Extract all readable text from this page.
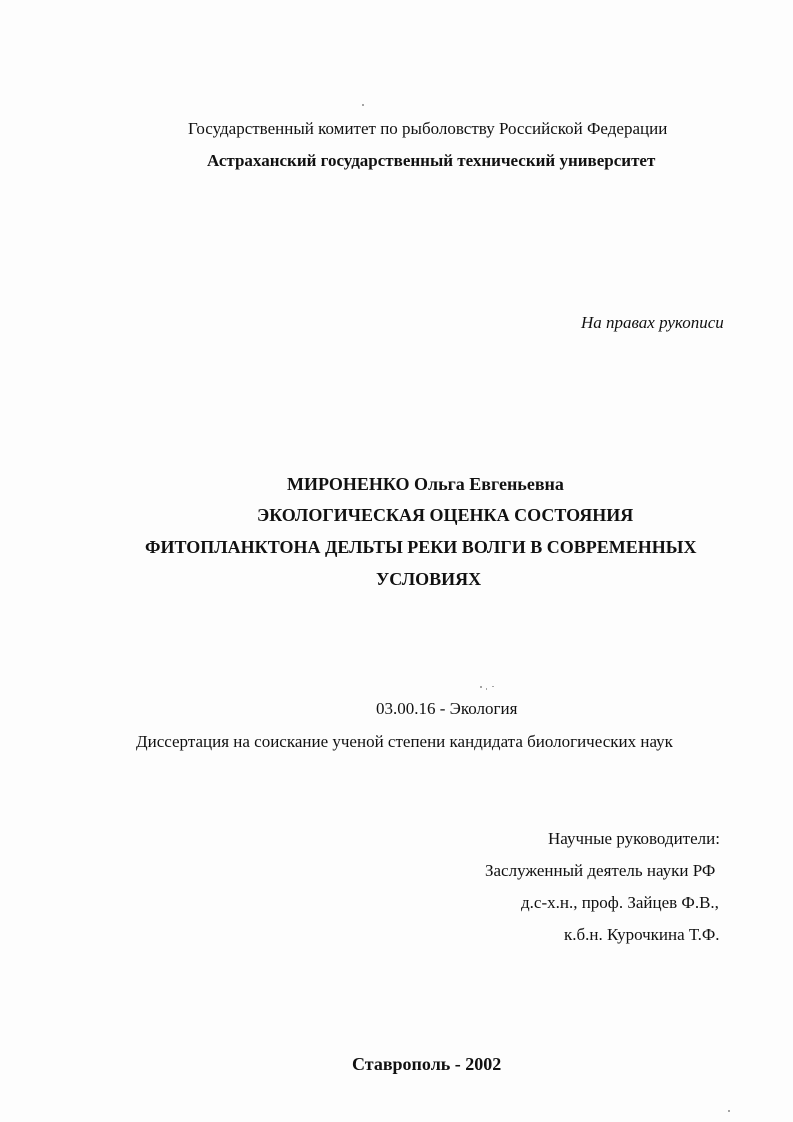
Государственный комитет по рыболовству Российской Федерации
Астраханский государственный технический университет
На правах рукописи
МИРОНЕНКО Ольга Евгеньевна
ЭКОЛОГИЧЕСКАЯ ОЦЕНКА СОСТОЯНИЯ
ФИТОПЛАНКТОНА ДЕЛЬТЫ РЕКИ ВОЛГИ В СОВРЕМЕННЫХ
УСЛОВИЯХ
03.00.16 - Экология
Диссертация на соискание ученой степени кандидата биологических наук
Научные руководители:
Заслуженный деятель науки РФ
д.с-х.н., проф. Зайцев Ф.В.,
к.б.н. Курочкина Т.Ф.
Ставрополь - 2002
